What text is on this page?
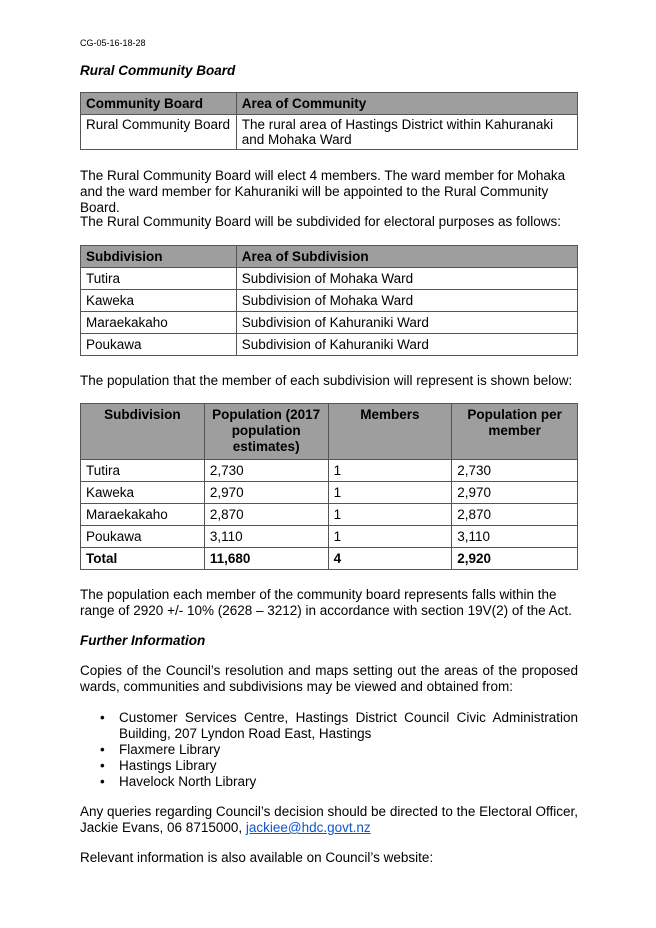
CG-05-16-18-28
Rural Community Board
Community Board	Area of Community
Rural Community Board	The rural area of Hastings District within Kahuranaki and Mohaka Ward
The Rural Community Board will elect 4 members. The ward member for Mohaka and the ward member for Kahuraniki will be appointed to the Rural Community Board.
The Rural Community Board will be subdivided for electoral purposes as follows:
Subdivision	Area of Subdivision
Tutira	Subdivision of Mohaka Ward
Kaweka	Subdivision of Mohaka Ward
Maraekakaho	Subdivision of Kahuraniki Ward
Poukawa	Subdivision of Kahuraniki Ward
The population that the member of each subdivision will represent is shown below:
Subdivision	Population (2017 population estimates)	Members	Population per member
Tutira	2,730	1	2,730
Kaweka	2,970	1	2,970
Maraekakaho	2,870	1	2,870
Poukawa	3,110	1	3,110
Total	11,680	4	2,920
The population each member of the community board represents falls within the range of 2920 +/- 10% (2628 – 3212) in accordance with section 19V(2) of the Act.
Further Information
Copies of the Council’s resolution and maps setting out the areas of the proposed wards, communities and subdivisions may be viewed and obtained from:
• Customer Services Centre, Hastings District Council Civic Administration Building, 207 Lyndon Road East, Hastings
• Flaxmere Library
• Hastings Library
• Havelock North Library
Any queries regarding Council’s decision should be directed to the Electoral Officer, Jackie Evans, 06 8715000, jackiee@hdc.govt.nz
Relevant information is also available on Council’s website:
